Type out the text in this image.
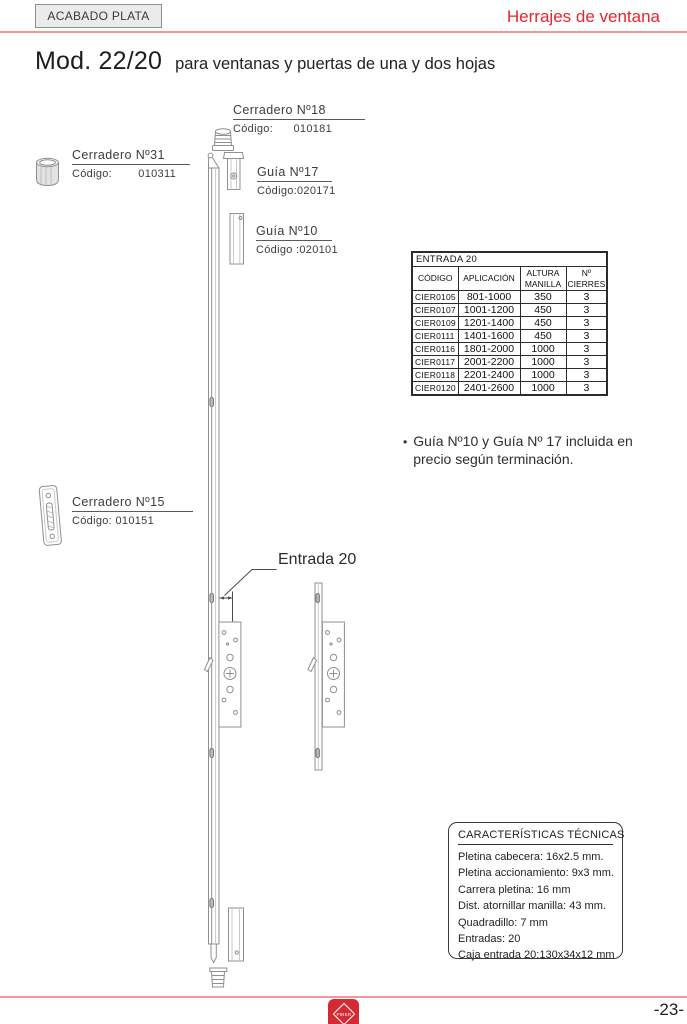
ACABADO PLATA	Herrajes de ventana
Mod. 22/20 para ventanas y puertas de una y dos hojas
Cerradero Nº18
Código: 010181
Cerradero Nº31
Código: 010311	Guía Nº17
Código: 020171
Guía Nº10
Código : 020101
Cerradero Nº15
Código: 010151
Entrada 20
ENTRADA 20			
CÓDIGO	APLICACIÓN	ALTURA MANILLA	Nº CIERRES
CIER0105	801-1000	350	3
CIER0107	1001-1200	450	3
CIER0109	1201-1400	450	3
CIER0111	1401-1600	450	3
CIER0116	1801-2000	1000	3
CIER0117	2001-2200	1000	3
CIER0118	2201-2400	1000	3
CIER0120	2401-2600	1000	3
• Guía Nº10 y Guía Nº 17 incluida en precio según terminación.
CARACTERÍSTICAS TÉCNICAS
Pletina cabecera: 16x2.5 mm.
Pletina accionamiento: 9x3 mm.
Carrera pletina: 16 mm
Dist. atornillar manilla: 43 mm.
Quadradillo: 7 mm
Entradas: 20
Caja entrada 20:130x34x12 mm
PINER	-23-
